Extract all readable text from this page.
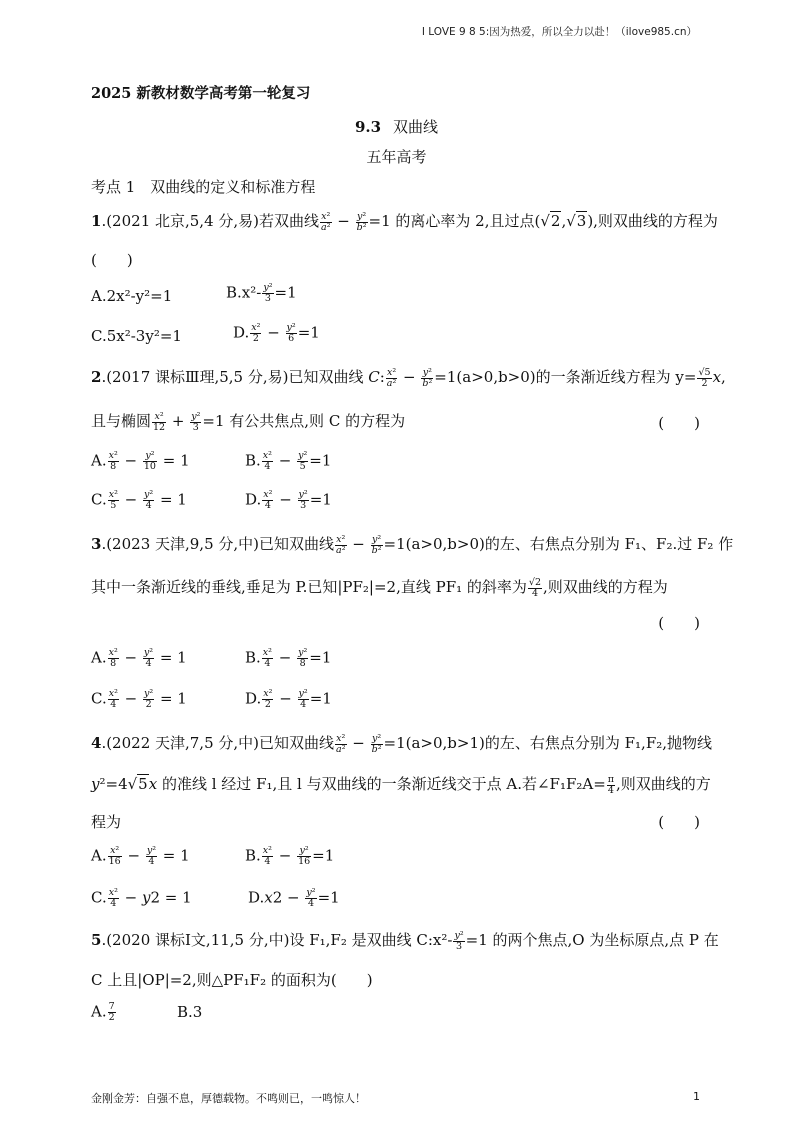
I LOVE 9 8 5:因为热爱，所以全力以赴！（ilove985.cn）
2025 新教材数学高考第一轮复习
9.3 双曲线
五年高考
考点 1　双曲线的定义和标准方程
1.(2021 北京,5,4 分,易)若双曲线 $\frac{\text{x²}}{\text{a²}} - \frac{\text{y²}}{\text{b²}} =1$ 的离心率为 2,且过点(√2,√3),则双曲线的方程为
(　　)
A.2x²-y²=1	$B.x^2- \frac{\text{y²}}{3} =1$
C.5x²-3y²=1	D. $\frac{\text{x²}}{2} - \frac{\text{y²}}{6} =1$
2.(2017 课标Ⅲ理,5,5 分,易)已知双曲线 C: $\frac{\text{x²}}{\text{a²}} - \frac{\text{y²}}{\text{b²}} =1(a>0,b>0)$的一条渐近线方程为 $y= \frac{√5}{2} x$,
且与椭圆 $\frac{\text{x²}}{12} + \frac{\text{y²}}{3} =1$ 有公共焦点,则 C 的方程为	(　　)
A. $\frac{\text{x²}}{8} - \frac{\text{y²}}{10} = 1$	B. $\frac{\text{x²}}{4} - \frac{\text{y²}}{5} =1$
C. $\frac{\text{x²}}{5} - \frac{\text{y²}}{4} = 1$	D. $\frac{\text{x²}}{4} - \frac{\text{y²}}{3} =1$
3.(2023 天津,9,5 分,中)已知双曲线 $\frac{\text{x²}}{\text{a²}} - \frac{\text{y²}}{\text{b²}} =1(a>0,b>0)$的左、右焦点分别为 F₁、F₂.过 F₂ 作
其中一条渐近线的垂线,垂足为 P.已知|PF₂|=2,直线 PF₁ 的斜率为 $\frac{√2}{4}$ ,则双曲线的方程为
(　　)
A. $\frac{\text{x²}}{8} - \frac{\text{y²}}{4} = 1$	B. $\frac{\text{x²}}{4} - \frac{\text{y²}}{8} =1$
C. $\frac{\text{x²}}{4} - \frac{\text{y²}}{2} = 1$	D. $\frac{\text{x²}}{2} - \frac{\text{y²}}{4} =1$
4.(2022 天津,7,5 分,中)已知双曲线 $\frac{\text{x²}}{\text{a²}} - \frac{\text{y²}}{\text{b²}} =1(a>0,b>1)$的左、右焦点分别为 F₁,F₂,抛物线
y²=4√5x 的准线 l 经过 F₁,且 l 与双曲线的一条渐近线交于点 A.若∠F₁F₂A= $\frac{\pi}{4}$ ,则双曲线的方
程为	(　　)
A. $\frac{\text{x²}}{16} - \frac{\text{y²}}{4} = 1$	B. $\frac{\text{x²}}{4} - \frac{\text{y²}}{16} =1$
C. $\frac{\text{x²}}{4} - y2 = 1$	$D.x2 - \frac{\text{y²}}{4} =1$
5.(2020 课标Ⅰ文,11,5 分,中)设 F₁,F₂ 是双曲线 C:x²- $\frac{\text{y²}}{3} =1$ 的两个焦点,O 为坐标原点,点 P 在
C 上且|OP|=2,则△PF₁F₂ 的面积为(　　)
A. $\frac{7}{2}$	B.3
金刚金芳：自强不息，厚德载物。不鸣则已，一鸣惊人！	1
